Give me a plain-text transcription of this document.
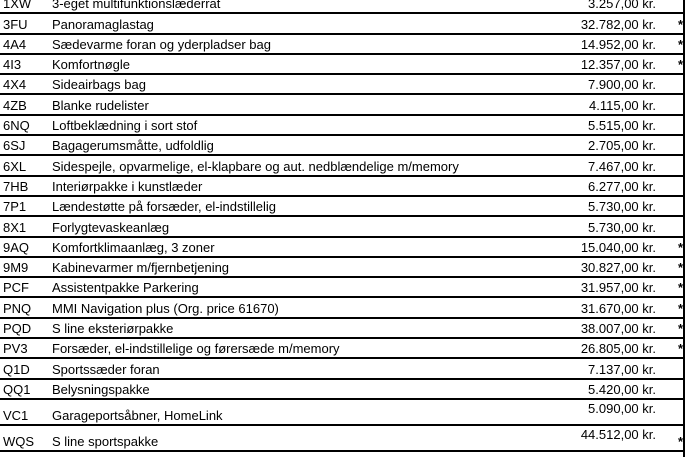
1XW 3-eget multifunktionslæderrat	3.257,00 kr.
3FU Panoramaglastag	32.782,00 kr. *
4A4 Sædevarme foran og yderpladser bag	14.952,00 kr. *
4I3 Komfortnøgle	12.357,00 kr. *
4X4 Sideairbags bag	7.900,00 kr.
4ZB Blanke rudelister	4.115,00 kr.
6NQ Loftbeklædning i sort stof	5.515,00 kr.
6SJ Bagagerumsmåtte, udfoldlig	2.705,00 kr.
6XL Sidespejle, opvarmelige, el-klapbare og aut. nedblændelige m/memory	7.467,00 kr.
7HB Interiørpakke i kunstlæder	6.277,00 kr.
7P1 Lændestøtte på forsæder, el-indstillelig	5.730,00 kr.
8X1 Forlygtevaskeanlæg	5.730,00 kr.
9AQ Komfortklimaanlæg, 3 zoner	15.040,00 kr. *
9M9 Kabinevarmer m/fjernbetjening	30.827,00 kr. *
PCF Assistentpakke Parkering	31.957,00 kr. *
PNQ MMI Navigation plus (Org. price 61670)	31.670,00 kr. *
PQD S line eksteriørpakke	38.007,00 kr. *
PV3 Forsæder, el-indstillelige og førersæde m/memory	26.805,00 kr. *
Q1D Sportssæder foran	7.137,00 kr.
QQ1 Belysningspakke	5.420,00 kr.
VC1 Garageportsåbner, HomeLink	5.090,00 kr.
WQS S line sportspakke	44.512,00 kr. *
